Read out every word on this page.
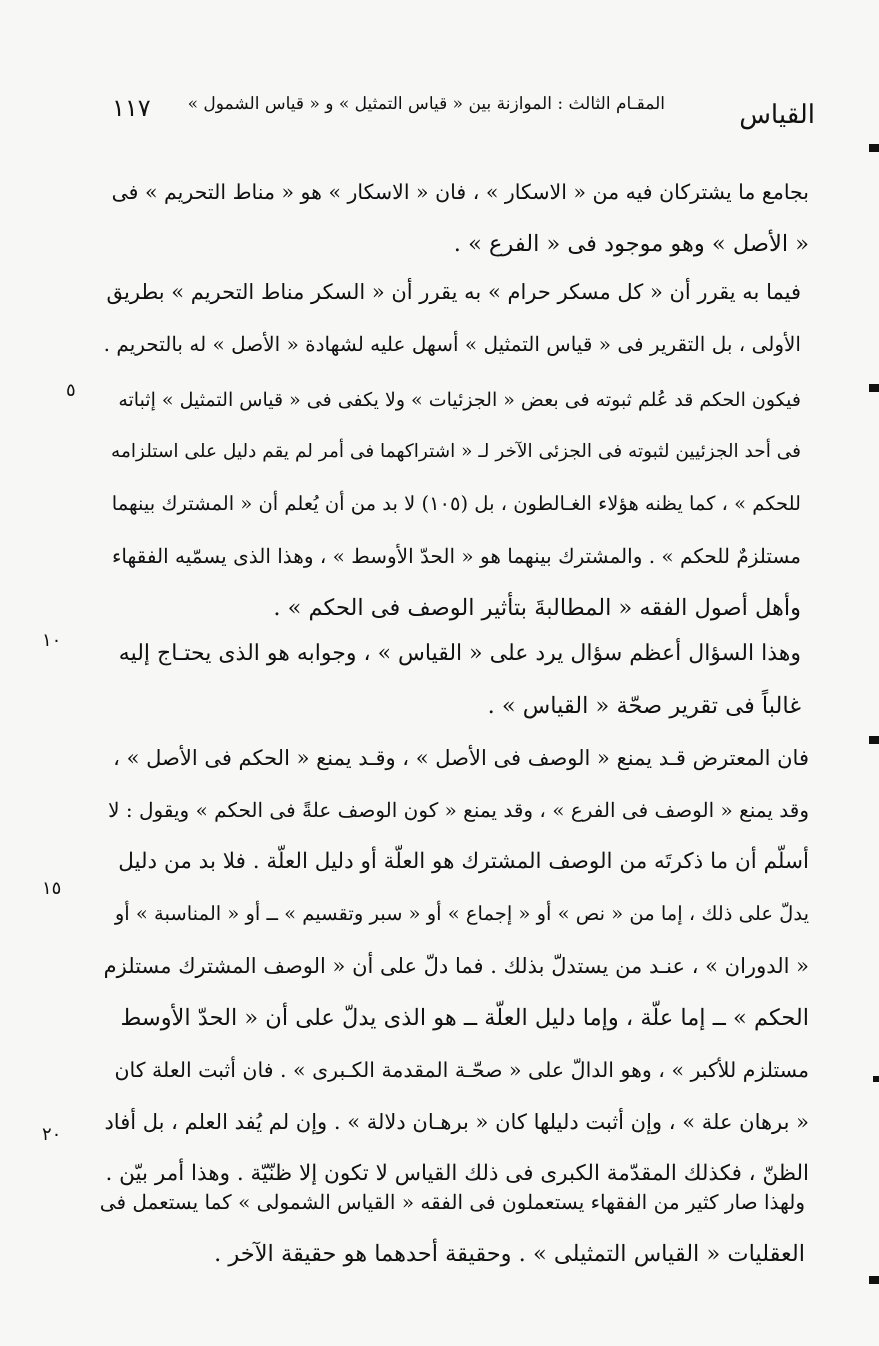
القياس
المقـام الثالث : الموازنة بين « قياس التمثيل » و « قياس الشمول »
١١٧
بجامع ما يشتركان فيه من « الاسكار » ، فان « الاسكار » هو « مناط التحريم » فى
« الأصل » وهو موجود فى « الفرع » .
فيما به يقرر أن « كل مسكر حرام » به يقرر أن « السكر مناط التحريم » بطريق
الأولى ، بل التقرير فى « قياس التمثيل » أسهل عليه لشهادة « الأصل » له بالتحريم .
فيكون الحكم قد عُلم ثبوته فى بعض « الجزئيات » ولا يكفى فى « قياس التمثيل » إثباته
فى أحد الجزئيين لثبوته فى الجزئى الآخر لـ « اشتراكهما فى أمر لم يقم دليل على استلزامه
للحكم » ، كما يظنه هؤلاء الغـالطون ، بل (١٠٥) لا بد من أن يُعلم أن « المشترك بينهما
مستلزمٌ للحكم » . والمشترك بينهما هو « الحدّ الأوسط » ، وهذا الذى يسمّيه الفقهاء
وأهل أصول الفقه « المطالبةَ بتأثير الوصف فى الحكم » .
وهذا السؤال أعظم سؤال يرد على « القياس » ، وجوابه هو الذى يحتـاج إليه
غالباً فى تقرير صحّة « القياس » .
فان المعترض قـد يمنع « الوصف فى الأصل » ، وقـد يمنع « الحكم فى الأصل » ،
وقد يمنع « الوصف فى الفرع » ، وقد يمنع « كون الوصف علةً فى الحكم » ويقول : لا
أسلّم أن ما ذكرتَه من الوصف المشترك هو العلّة أو دليل العلّة . فلا بد من دليل
يدلّ على ذلك ، إما من « نص » أو « إجماع » أو « سبر وتقسيم » ــ أو « المناسبة » أو
« الدوران » ، عنـد من يستدلّ بذلك . فما دلّ على أن « الوصف المشترك مستلزم
الحكم » ــ إما علّة ، وإما دليل العلّة ــ هو الذى يدلّ على أن « الحدّ الأوسط
مستلزم للأكبر » ، وهو الدالّ على « صحّـة المقدمة الكـبرى » . فان أثبت العلة كان
« برهان علة » ، وإن أثبت دليلها كان « برهـان دلالة » . وإن لم يُفد العلم ، بل أفاد
الظنّ ، فكذلك المقدّمة الكبرى فى ذلك القياس لا تكون إلا ظنّيّة . وهذا أمر بيّن .
ولهذا صار كثير من الفقهاء يستعملون فى الفقه « القياس الشمولى » كما يستعمل فى
العقليات « القياس التمثيلى » . وحقيقة أحدهما هو حقيقة الآخر .
٥
١٠
١٥
٢٠
